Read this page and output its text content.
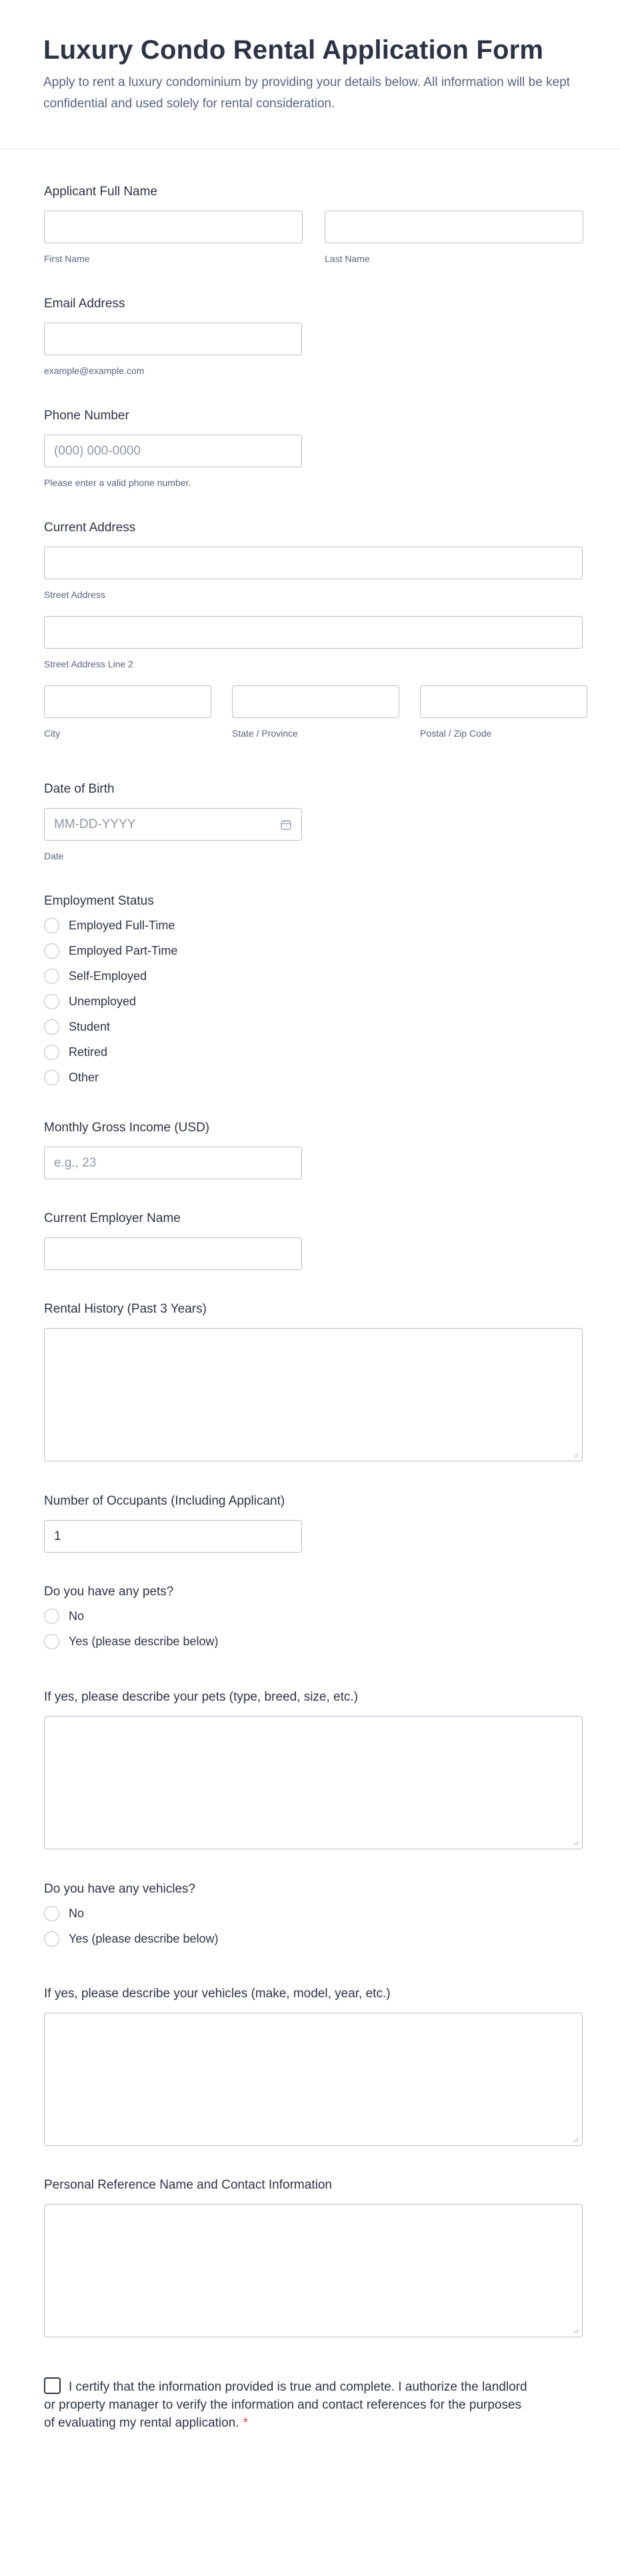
Luxury Condo Rental Application Form

Apply to rent a luxury condominium by providing your details below. All information will be kept confidential and used solely for rental consideration.

Applicant Full Name
First Name	Last Name
Email Address
example@example.com
Phone Number
(000) 000-0000
Please enter a valid phone number.
Current Address
Street Address
Street Address Line 2
City	State / Province	Postal / Zip Code
Date of Birth
MM-DD-YYYY
Date
Employment Status
Employed Full-Time
Employed Part-Time
Self-Employed
Unemployed
Student
Retired
Other
Monthly Gross Income (USD)
e.g., 23
Current Employer Name
Rental History (Past 3 Years)
Number of Occupants (Including Applicant)
1
Do you have any pets?
No
Yes (please describe below)
If yes, please describe your pets (type, breed, size, etc.)
Do you have any vehicles?
No
Yes (please describe below)
If yes, please describe your vehicles (make, model, year, etc.)
Personal Reference Name and Contact Information
I certify that the information provided is true and complete. I authorize the landlord or property manager to verify the information and contact references for the purposes of evaluating my rental application. *
